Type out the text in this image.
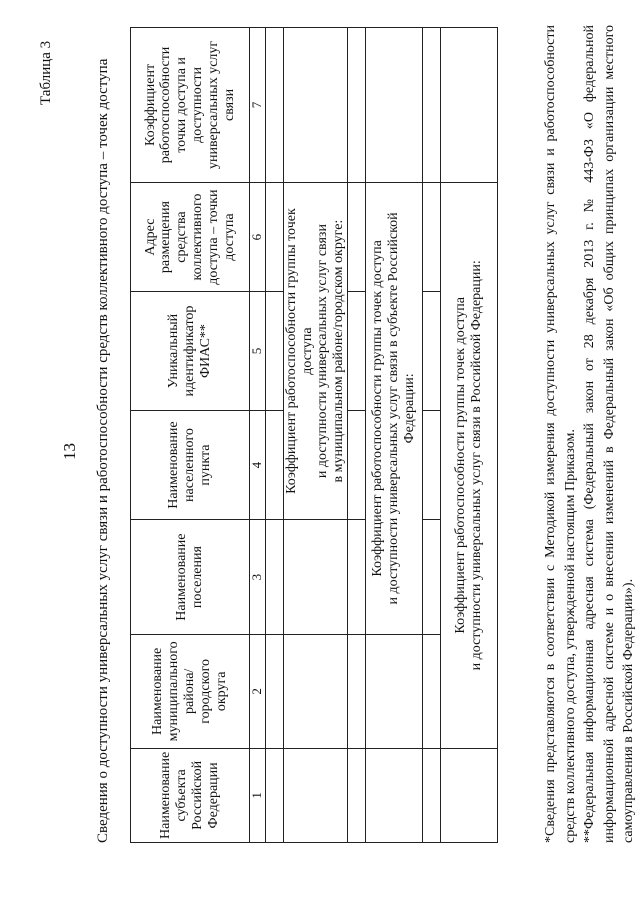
13
Таблица 3	Сведения о доступности универсальных услуг связи и работоспособности средств коллективного доступа – точек доступа	Наименование субъекта Российской Федерации	Наименование муниципального района/городского округа	Наименование поселения	Наименование населенного пункта	Уникальный идентификатор ФИАС**	Адрес размещения средства коллективного доступа – точки доступа	Коэффициент работоспособности точки доступа и доступности универсальных услуг связи
1	2	3	4	5	6	7

			Коэффициент работоспособности группы точек доступа и доступности универсальных услуг связи в муниципальном районе/городском округе:			

		Коэффициент работоспособности группы точек доступа и доступности универсальных услуг связи в субъекте Российской Федерации:				

	Коэффициент работоспособности группы точек доступа и доступности универсальных услуг связи в Российской Федерации:					
		*Сведения представляются в соответствии с Методикой измерения доступности универсальных услуг связи и работоспособности средств коллективного доступа, утвержденной настоящим Приказом. **Федеральная информационная адресная система (Федеральный закон от 28 декабря 2013 г. № 443-ФЗ «О федеральной информационной адресной системе и о внесении изменений в Федеральный закон «Об общих принципах организации местного самоуправления в Российской Федерации»).
